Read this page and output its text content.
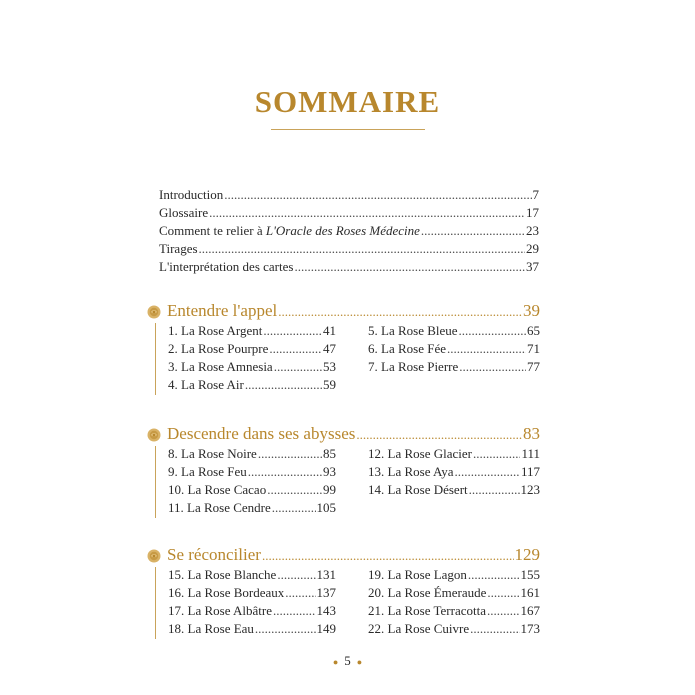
SOMMAIRE
Introduction .....	7
Glossaire .....	17
Comment te relier à L'Oracle des Roses Médecine .....	23
Tirages .....	29
L'interprétation des cartes .....	37
Entendre l'appel .....	39
1. La Rose Argent .....	41
2. La Rose Pourpre .....	47
3. La Rose Amnesia .....	53
4. La Rose Air .....	59
5. La Rose Bleue .....	65
6. La Rose Fée .....	71
7. La Rose Pierre .....	77
Descendre dans ses abysses .....	83
8. La Rose Noire .....	85
9. La Rose Feu .....	93
10. La Rose Cacao .....	99
11. La Rose Cendre .....	105
12. La Rose Glacier .....	111
13. La Rose Aya .....	117
14. La Rose Désert .....	123
Se réconcilier .....	129
15. La Rose Blanche .....	131
16. La Rose Bordeaux ..... 137
17. La Rose Albâtre .....	143
18. La Rose Eau .....	149
19. La Rose Lagon .....	155
20. La Rose Émeraude .....	161
21. La Rose Terracotta .....	167
22. La Rose Cuivre .....	173
● 5 ●
